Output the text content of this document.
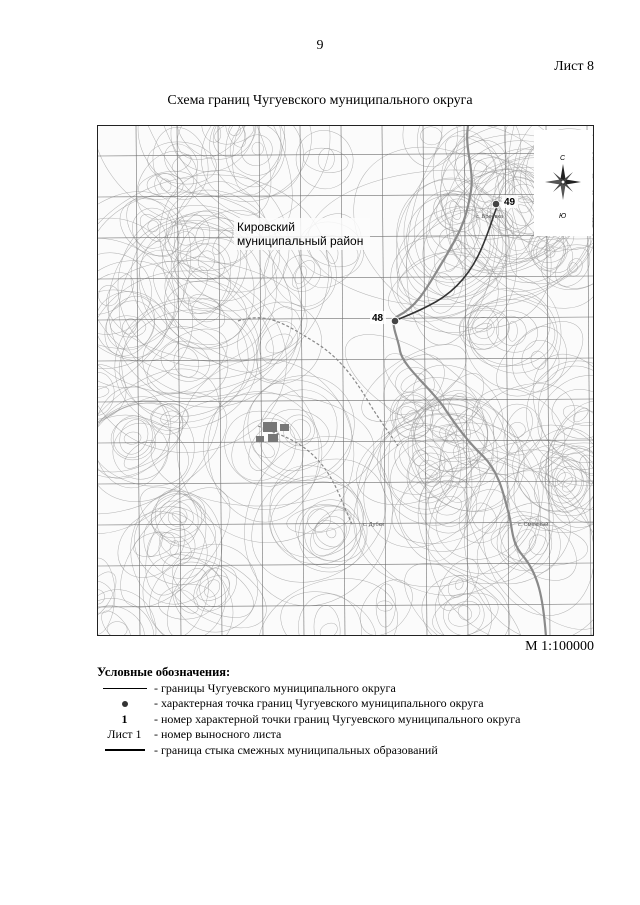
9
Лист 8
Схема границ Чугуевского муниципального округа
49
48
Кировский
муниципальный район
с. Бреевка
с. Дубки	с. Смежный
С
Ю
М 1:100000
Условные обозначения:
- границы Чугуевского муниципального округа
- характерная точка границ Чугуевского муниципального округа
1 - номер характерной точки границ Чугуевского муниципального округа
Лист 1 - номер выносного листа
- граница стыка смежных муниципальных образований
